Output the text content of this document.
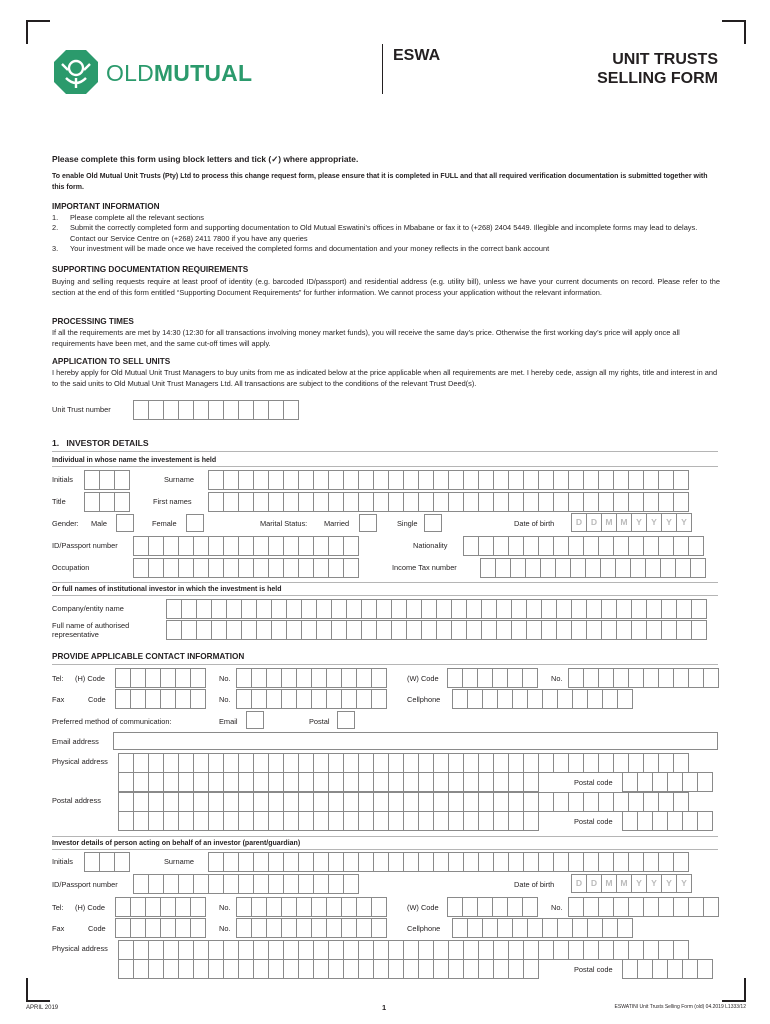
OLDMUTUAL
ESWA	UNIT TRUSTS
SELLING FORM
Please complete this form using block letters and tick (✓) where appropriate.
To enable Old Mutual Unit Trusts (Pty) Ltd to process this change request form, please ensure that it is completed in FULL and that all required verification documentation is submitted together with this form.
IMPORTANT INFORMATION
1. Please complete all the relevant sections
2. Submit the correctly completed form and supporting documentation to Old Mutual Eswatini’s offices in Mbabane or fax it to (+268) 2404 5449. Illegible and incomplete forms may lead to delays. Contact our Service Centre on (+268) 2411 7800 if you have any queries
3. Your investment will be made once we have received the completed forms and documentation and your money reflects in the correct bank account
SUPPORTING DOCUMENTATION REQUIREMENTS
Buying and selling requests require at least proof of identity (e.g. barcoded ID/passport) and residential address (e.g. utility bill), unless we have your current documents on record. Please refer to the section at the end of this form entitled “Supporting Document Requirements” for further information. We cannot process your application without the relevant information.
PROCESSING TIMES
If all the requirements are met by 14:30 (12:30 for all transactions involving money market funds), you will receive the same day’s price. Otherwise the first working day’s price will apply once all requirements have been met, and the same cut-off times will apply.
APPLICATION TO SELL UNITS
I hereby apply for Old Mutual Unit Trust Managers to buy units from me as indicated below at the price applicable when all requirements are met. I hereby cede, assign all my rights, title and interest in and to the said units to Old Mutual Unit Trust Managers Ltd. All transactions are subject to the conditions of the relevant Trust Deed(s).
Unit Trust number
1. INVESTOR DETAILS
Individual in whose name the investement is held
Initials	Surname
Title	First names
Gender: Male	Female	Marital Status: Married	Single	Date of birth	D	D M M Y	Y	Y	Y
ID/Passport number	Nationality
Occupation	Income Tax number
Or full names of institutional investor in which the investment is held
Company/entity name
Full name of authorised
representative
PROVIDE APPLICABLE CONTACT INFORMATION
Tel: (H) Code	No.	(W) Code	No.
Fax	Code	No.	Cellphone
Preferred method of communication:	Email	Postal
Email address
Physical address
Postal code
Postal address
Postal code
Investor details of person acting on behalf of an investor (parent/guardian)
Initials	Surname
ID/Passport number	Date of birth	D	D M M Y	Y	Y	Y
Tel: (H) Code	No.	(W) Code	No.
Fax	Code	No.	Cellphone
Physical address
Postal code
APRIL 2019	1	ESWATINI Unit Trusts Selling Form (old) 04.2019 L1333/12
